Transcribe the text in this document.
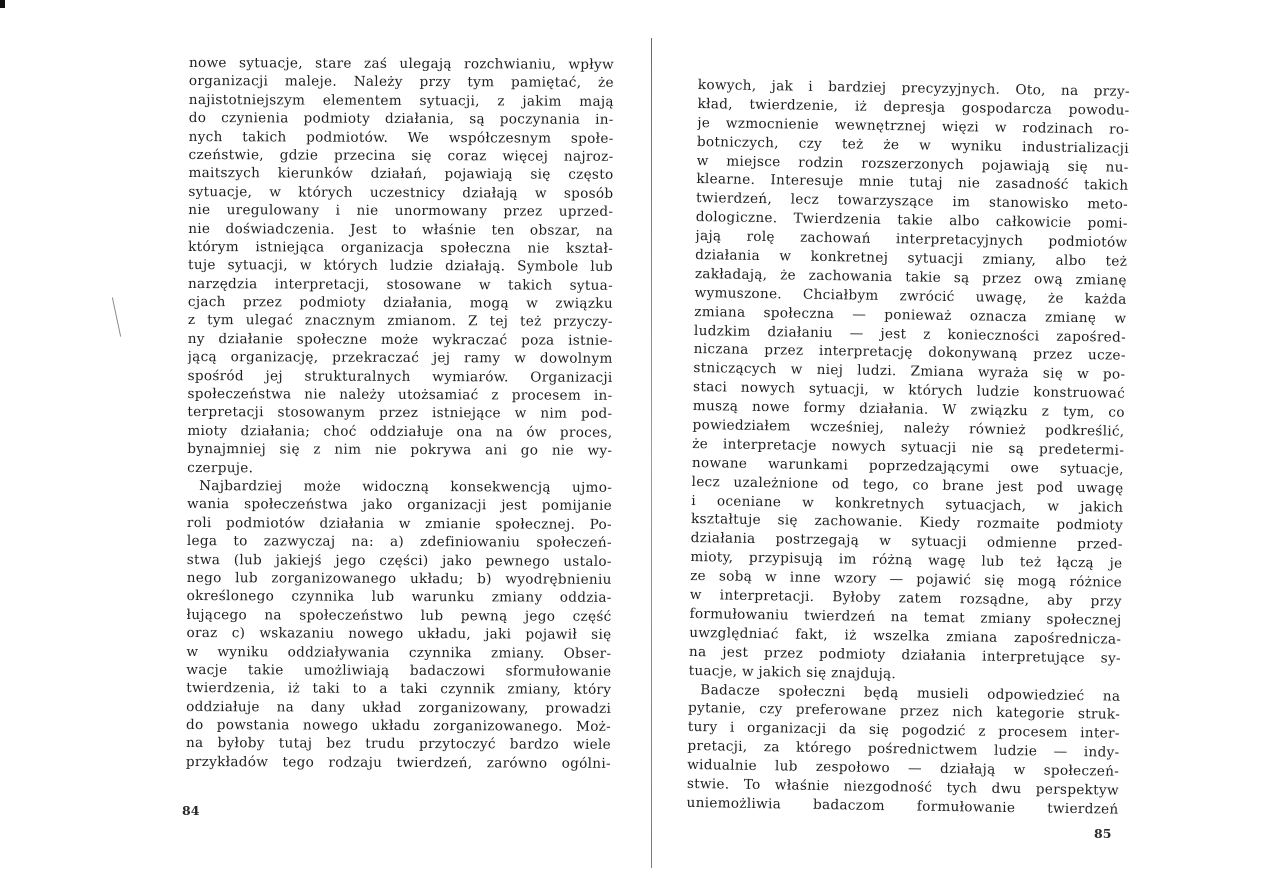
nowe sytuacje, stare zaś ulegają rozchwianiu, wpływ
organizacji maleje. Należy przy tym pamiętać, że
najistotniejszym elementem sytuacji, z jakim mają
do czynienia podmioty działania, są poczynania in-
nych takich podmiotów. We współczesnym społe-
czeństwie, gdzie przecina się coraz więcej najroz-
maitszych kierunków działań, pojawiają się często
sytuacje, w których uczestnicy działają w sposób
nie uregulowany i nie unormowany przez uprzed-
nie doświadczenia. Jest to właśnie ten obszar, na
którym istniejąca organizacja społeczna nie kształ-
tuje sytuacji, w których ludzie działają. Symbole lub
narzędzia interpretacji, stosowane w takich sytua-
cjach przez podmioty działania, mogą w związku
z tym ulegać znacznym zmianom. Z tej też przyczy-
ny działanie społeczne może wykraczać poza istnie-
jącą organizację, przekraczać jej ramy w dowolnym
spośród jej strukturalnych wymiarów. Organizacji
społeczeństwa nie należy utożsamiać z procesem in-
terpretacji stosowanym przez istniejące w nim pod-
mioty działania; choć oddziałuje ona na ów proces,
bynajmniej się z nim nie pokrywa ani go nie wy-
czerpuje.
Najbardziej może widoczną konsekwencją ujmo-
wania społeczeństwa jako organizacji jest pomijanie
roli podmiotów działania w zmianie społecznej. Po-
lega to zazwyczaj na: a) zdefiniowaniu społeczeń-
stwa (lub jakiejś jego części) jako pewnego ustalo-
nego lub zorganizowanego układu; b) wyodrębnieniu
określonego czynnika lub warunku zmiany oddzia-
łującego na społeczeństwo lub pewną jego część
oraz c) wskazaniu nowego układu, jaki pojawił się
w wyniku oddziaływania czynnika zmiany. Obser-
wacje takie umożliwiają badaczowi sformułowanie
twierdzenia, iż taki to a taki czynnik zmiany, który
oddziałuje na dany układ zorganizowany, prowadzi
do powstania nowego układu zorganizowanego. Moż-
na byłoby tutaj bez trudu przytoczyć bardzo wiele
przykładów tego rodzaju twierdzeń, zarówno ogólni-
84
kowych, jak i bardziej precyzyjnych. Oto, na przy-
kład, twierdzenie, iż depresja gospodarcza powodu-
je wzmocnienie wewnętrznej więzi w rodzinach ro-
botniczych, czy też że w wyniku industrializacji
w miejsce rodzin rozszerzonych pojawiają się nu-
klearne. Interesuje mnie tutaj nie zasadność takich
twierdzeń, lecz towarzyszące im stanowisko meto-
dologiczne. Twierdzenia takie albo całkowicie pomi-
jają rolę zachowań interpretacyjnych podmiotów
działania w konkretnej sytuacji zmiany, albo też
zakładają, że zachowania takie są przez ową zmianę
wymuszone. Chciałbym zwrócić uwagę, że każda
zmiana społeczna — ponieważ oznacza zmianę w
ludzkim działaniu — jest z konieczności zapośred-
niczana przez interpretację dokonywaną przez ucze-
stniczących w niej ludzi. Zmiana wyraża się w po-
staci nowych sytuacji, w których ludzie konstruować
muszą nowe formy działania. W związku z tym, co
powiedziałem wcześniej, należy również podkreślić,
że interpretacje nowych sytuacji nie są predetermi-
nowane warunkami poprzedzającymi owe sytuacje,
lecz uzależnione od tego, co brane jest pod uwagę
i oceniane w konkretnych sytuacjach, w jakich
kształtuje się zachowanie. Kiedy rozmaite podmioty
działania postrzegają w sytuacji odmienne przed-
mioty, przypisują im różną wagę lub też łączą je
ze sobą w inne wzory — pojawić się mogą różnice
w interpretacji. Byłoby zatem rozsądne, aby przy
formułowaniu twierdzeń na temat zmiany społecznej
uwzględniać fakt, iż wszelka zmiana zapośrednicza-
na jest przez podmioty działania interpretujące sy-
tuacje, w jakich się znajdują.
Badacze społeczni będą musieli odpowiedzieć na
pytanie, czy preferowane przez nich kategorie struk-
tury i organizacji da się pogodzić z procesem inter-
pretacji, za którego pośrednictwem ludzie — indy-
widualnie lub zespołowo — działają w społeczeń-
stwie. To właśnie niezgodność tych dwu perspektyw
uniemożliwia badaczom formułowanie twierdzeń
85
